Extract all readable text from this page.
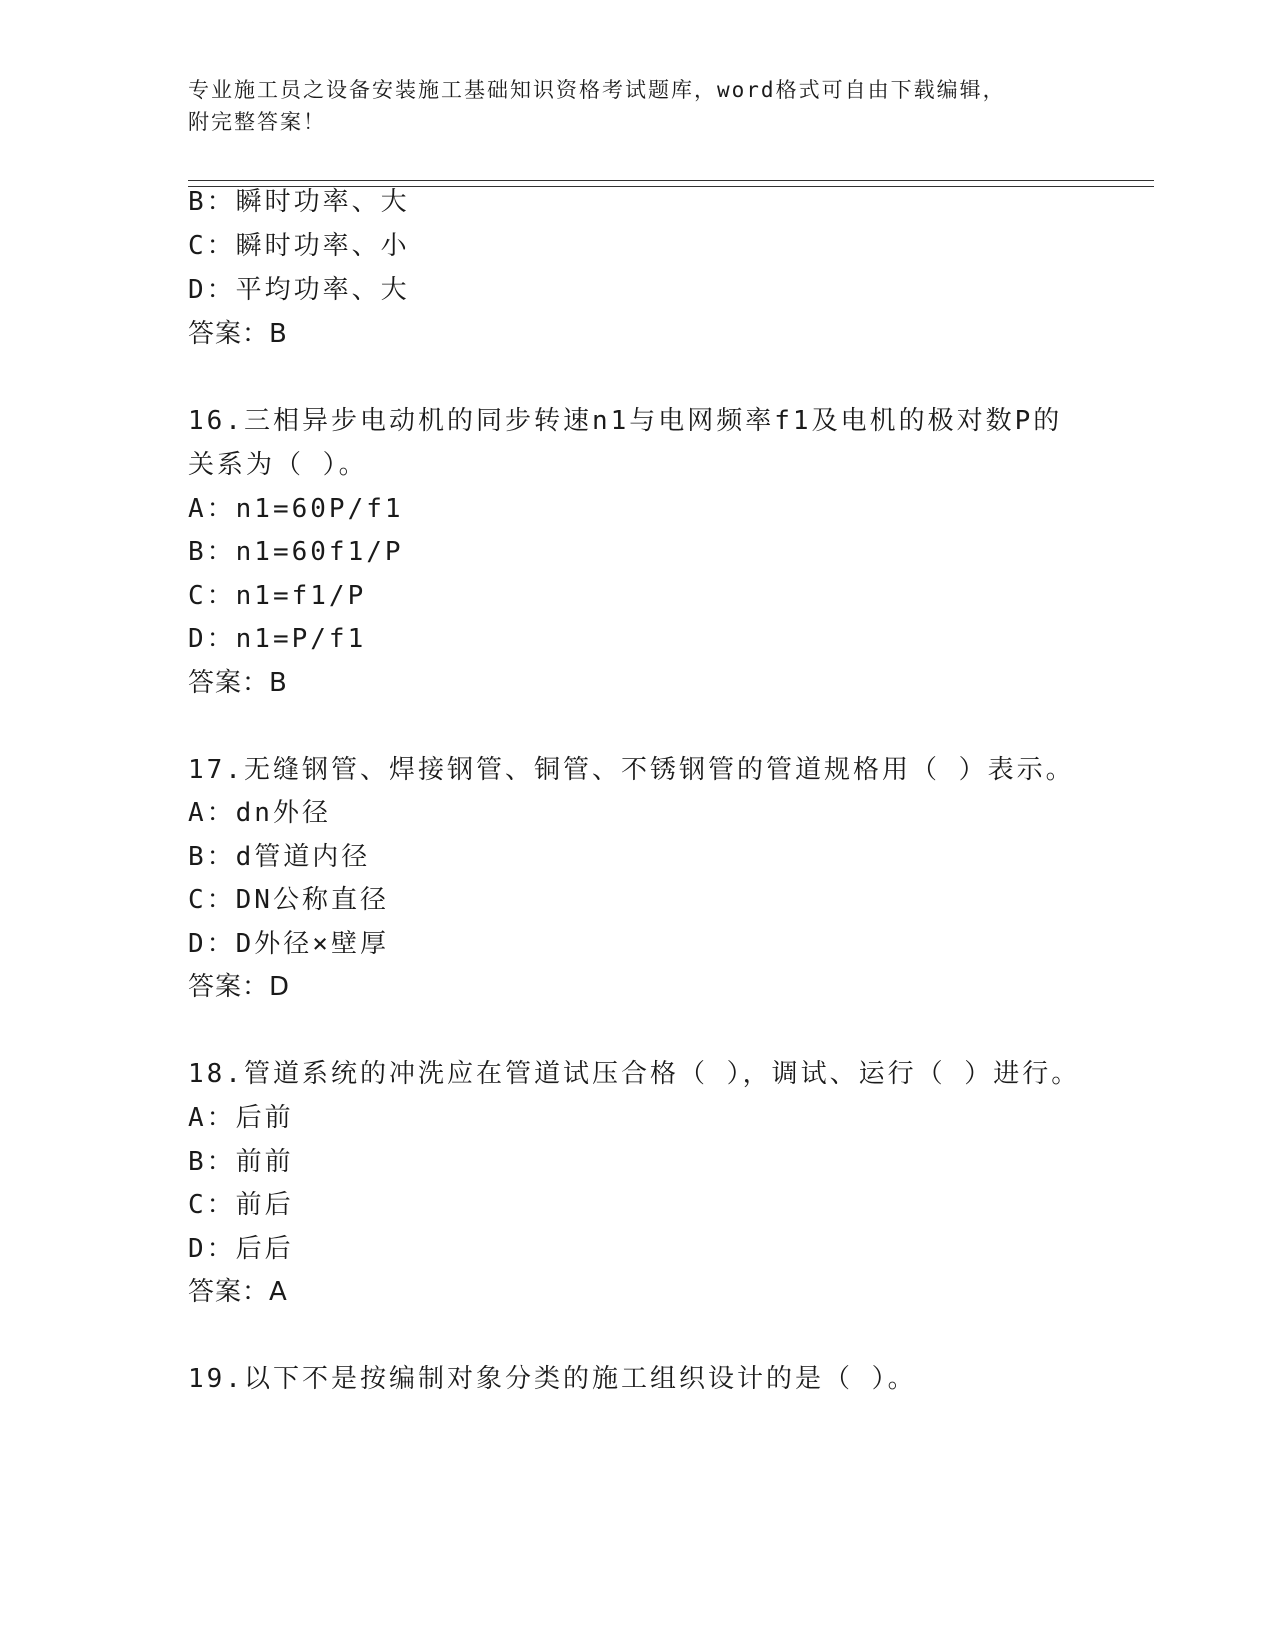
专业施工员之设备安装施工基础知识资格考试题库，word格式可自由下载编辑，
附完整答案！
B：瞬时功率、大
C：瞬时功率、小
D：平均功率、大
答案：B
16.三相异步电动机的同步转速n1与电网频率f1及电机的极对数P的
关系为（ ）。
A：n1=60P/f1
B：n1=60f1/P
C：n1=f1/P
D：n1=P/f1
答案：B
17.无缝钢管、焊接钢管、铜管、不锈钢管的管道规格用（ ）表示。
A：dn外径
B：d管道内径
C：DN公称直径
D：D外径×壁厚
答案：D
18.管道系统的冲洗应在管道试压合格（ ），调试、运行（ ）进行。
A：后前
B：前前
C：前后
D：后后
答案：A
19.以下不是按编制对象分类的施工组织设计的是（ ）。
